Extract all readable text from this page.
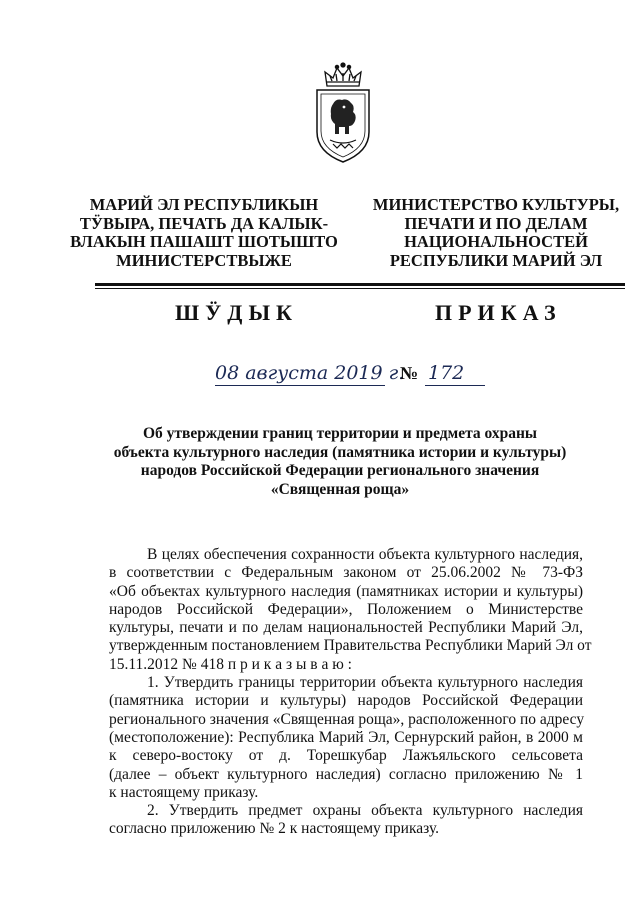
МАРИЙ ЭЛ РЕСПУБЛИКЫН
ТӰВЫРА, ПЕЧАТЬ ДА КАЛЫК-
ВЛАКЫН ПАШАШТ ШОТЫШТО
МИНИСТЕРСТВЫЖЕ
МИНИСТЕРСТВО КУЛЬТУРЫ,
ПЕЧАТИ И ПО ДЕЛАМ
НАЦИОНАЛЬНОСТЕЙ
РЕСПУБЛИКИ МАРИЙ ЭЛ
ШӰДЫК	ПРИКАЗ
08 августа 2019 г.
№ 172
Об утверждении границ территории и предмета охраны
объекта культурного наследия (памятника истории и культуры)
народов Российской Федерации регионального значения
«Священная роща»
В целях обеспечения сохранности объекта культурного наследия,
в соответствии с Федеральным законом от 25.06.2002 № 73-ФЗ
«Об объектах культурного наследия (памятниках истории и культуры)
народов Российской Федерации», Положением о Министерстве
культуры, печати и по делам национальностей Республики Марий Эл,
утвержденным постановлением Правительства Республики Марий Эл от
15.11.2012 № 418 п р и к а з ы в а ю :
1. Утвердить границы территории объекта культурного наследия
(памятника истории и культуры) народов Российской Федерации
регионального значения «Священная роща», расположенного по адресу
(местоположение): Республика Марий Эл, Сернурский район, в 2000 м
к северо-востоку от д. Торешкубар Лажъяльского сельсовета
(далее – объект культурного наследия) согласно приложению № 1
к настоящему приказу.
2. Утвердить предмет охраны объекта культурного наследия
согласно приложению № 2 к настоящему приказу.
